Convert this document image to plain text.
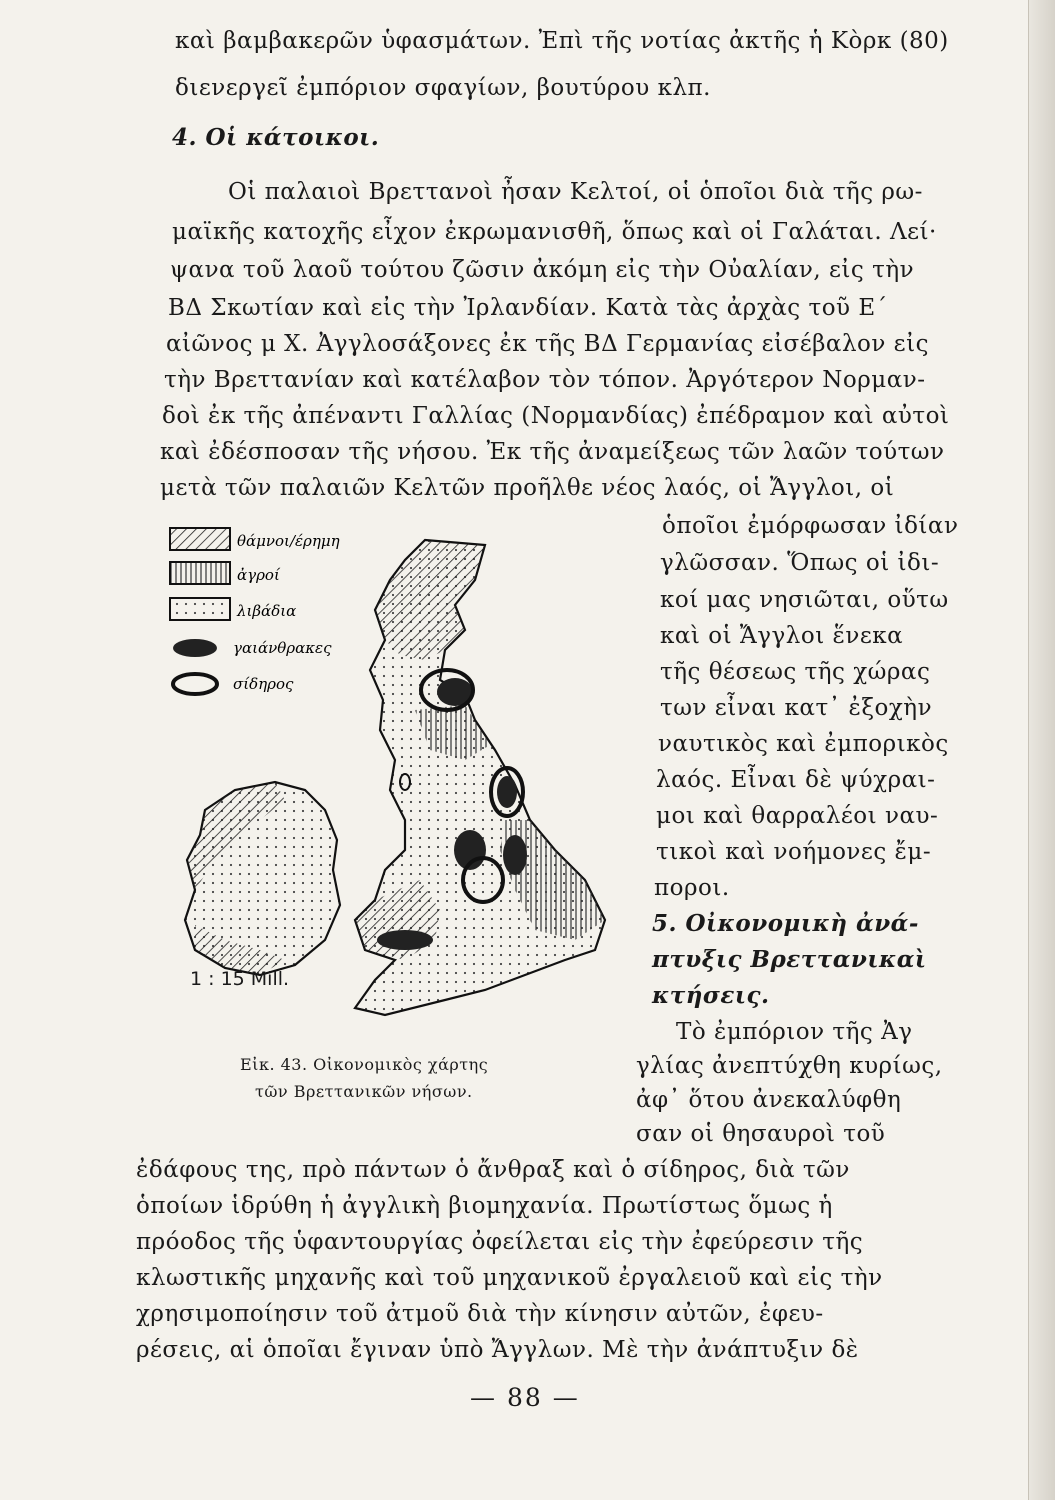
καὶ βαμβακερῶν ὑφασμάτων. Ἐπὶ τῆς νοτίας ἀκτῆς ἡ Κὸρκ (80)
διενεργεῖ ἐμπόριον σφαγίων, βουτύρου κλπ.
4. Οἱ κάτοικοι.
Οἱ παλαιοὶ Βρεττανοὶ ἦσαν Κελτοί, οἱ ὁποῖοι διὰ τῆς ρω-
μαϊκῆς κατοχῆς εἶχον ἐκρωμανισθῆ, ὅπως καὶ οἱ Γαλάται. Λεί·
ψανα τοῦ λαοῦ τούτου ζῶσιν ἀκόμη εἰς τὴν Οὐαλίαν, εἰς τὴν
ΒΔ Σκωτίαν καὶ εἰς τὴν Ἰρλανδίαν. Κατὰ τὰς ἀρχὰς τοῦ Ε΄
αἰῶνος μ Χ. Ἀγγλοσάξονες ἐκ τῆς ΒΔ Γερμανίας εἰσέβαλον εἰς
τὴν Βρεττανίαν καὶ κατέλαβον τὸν τόπον. Ἀργότερον Νορμαν-
δοὶ ἐκ τῆς ἀπέναντι Γαλλίας (Νορμανδίας) ἐπέδραμον καὶ αὐτοὶ
καὶ ἐδέσποσαν τῆς νήσου. Ἐκ τῆς ἀναμείξεως τῶν λαῶν τούτων
μετὰ τῶν παλαιῶν Κελτῶν προῆλθε νέος λαός, οἱ Ἄγγλοι, οἱ
ὁποῖοι ἐμόρφωσαν ἰδίαν
γλῶσσαν. Ὅπως οἱ ἰδι-
κοί μας νησιῶται, οὕτω
καὶ οἱ Ἄγγλοι ἕνεκα
τῆς θέσεως τῆς χώρας
των εἶναι κατ᾽ ἐξοχὴν
ναυτικὸς καὶ ἐμπορικὸς
λαός. Εἶναι δὲ ψύχραι-
μοι καὶ θαρραλέοι ναυ-
τικοὶ καὶ νοήμονες ἔμ-
ποροι.
5. Οἰκονομικὴ ἀνά-
πτυξις Βρεττανικαὶ
κτήσεις.
Τὸ ἐμπόριον τῆς Ἀγ
γλίας ἀνεπτύχθη κυρίως,
ἀφ᾽ ὅτου ἀνεκαλύφθη
σαν οἱ θησαυροὶ τοῦ
ἐδάφους της, πρὸ πάντων ὁ ἄνθραξ καὶ ὁ σίδηρος, διὰ τῶν
ὁποίων ἱδρύθη ἡ ἀγγλικὴ βιομηχανία. Πρωτίστως ὅμως ἡ
πρόοδος τῆς ὑφαντουργίας ὀφείλεται εἰς τὴν ἐφεύρεσιν τῆς
κλωστικῆς μηχανῆς καὶ τοῦ μηχανικοῦ ἐργαλειοῦ καὶ εἰς τὴν
χρησιμοποίησιν τοῦ ἀτμοῦ διὰ τὴν κίνησιν αὐτῶν, ἐφευ-
ρέσεις, αἱ ὁποῖαι ἔγιναν ὑπὸ Ἄγγλων. Μὲ τὴν ἀνάπτυξιν δὲ
θάμνοι/έρημη
ἀγροί
λιβάδια
γαιάνθρακες
σίδηρος
1 : 15 Mill.
Εἰκ. 43. Οἰκονομικὸς χάρτης
τῶν Βρεττανικῶν νήσων.
— 88 —
